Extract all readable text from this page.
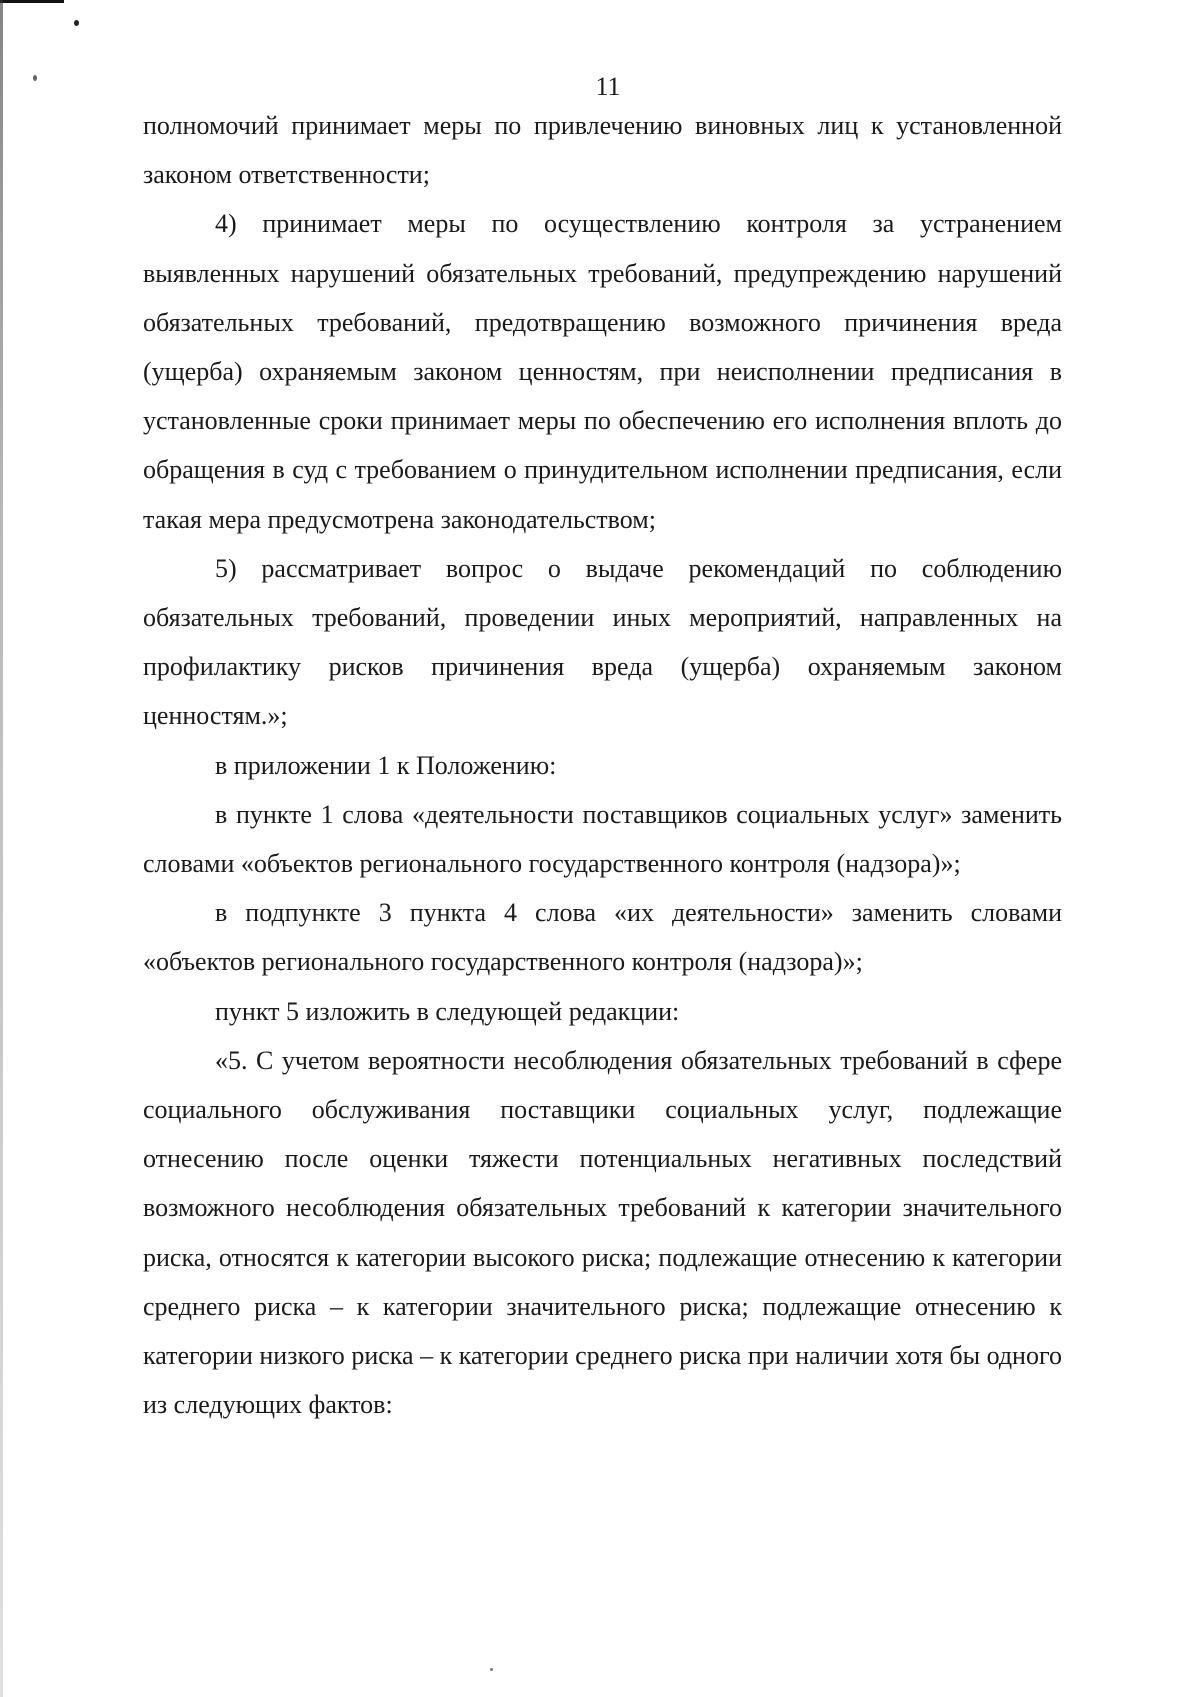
11

полномочий принимает меры по привлечению виновных лиц к установленной законом ответственности;

4) принимает меры по осуществлению контроля за устранением выявленных нарушений обязательных требований, предупреждению нарушений обязательных требований, предотвращению возможного причинения вреда (ущерба) охраняемым законом ценностям, при неисполнении предписания в установленные сроки принимает меры по обеспечению его исполнения вплоть до обращения в суд с требованием о принудительном исполнении предписания, если такая мера предусмотрена законодательством;

5) рассматривает вопрос о выдаче рекомендаций по соблюдению обязательных требований, проведении иных мероприятий, направленных на профилактику рисков причинения вреда (ущерба) охраняемым законом ценностям.»;

в приложении 1 к Положению:

в пункте 1 слова «деятельности поставщиков социальных услуг» заменить словами «объектов регионального государственного контроля (надзора)»;

в подпункте 3 пункта 4 слова «их деятельности» заменить словами «объектов регионального государственного контроля (надзора)»;

пункт 5 изложить в следующей редакции:

«5. С учетом вероятности несоблюдения обязательных требований в сфере социального обслуживания поставщики социальных услуг, подлежащие отнесению после оценки тяжести потенциальных негативных последствий возможного несоблюдения обязательных требований к категории значительного риска, относятся к категории высокого риска; подлежащие отнесению к категории среднего риска – к категории значительного риска; подлежащие отнесению к категории низкого риска – к категории среднего риска при наличии хотя бы одного из следующих фактов:
